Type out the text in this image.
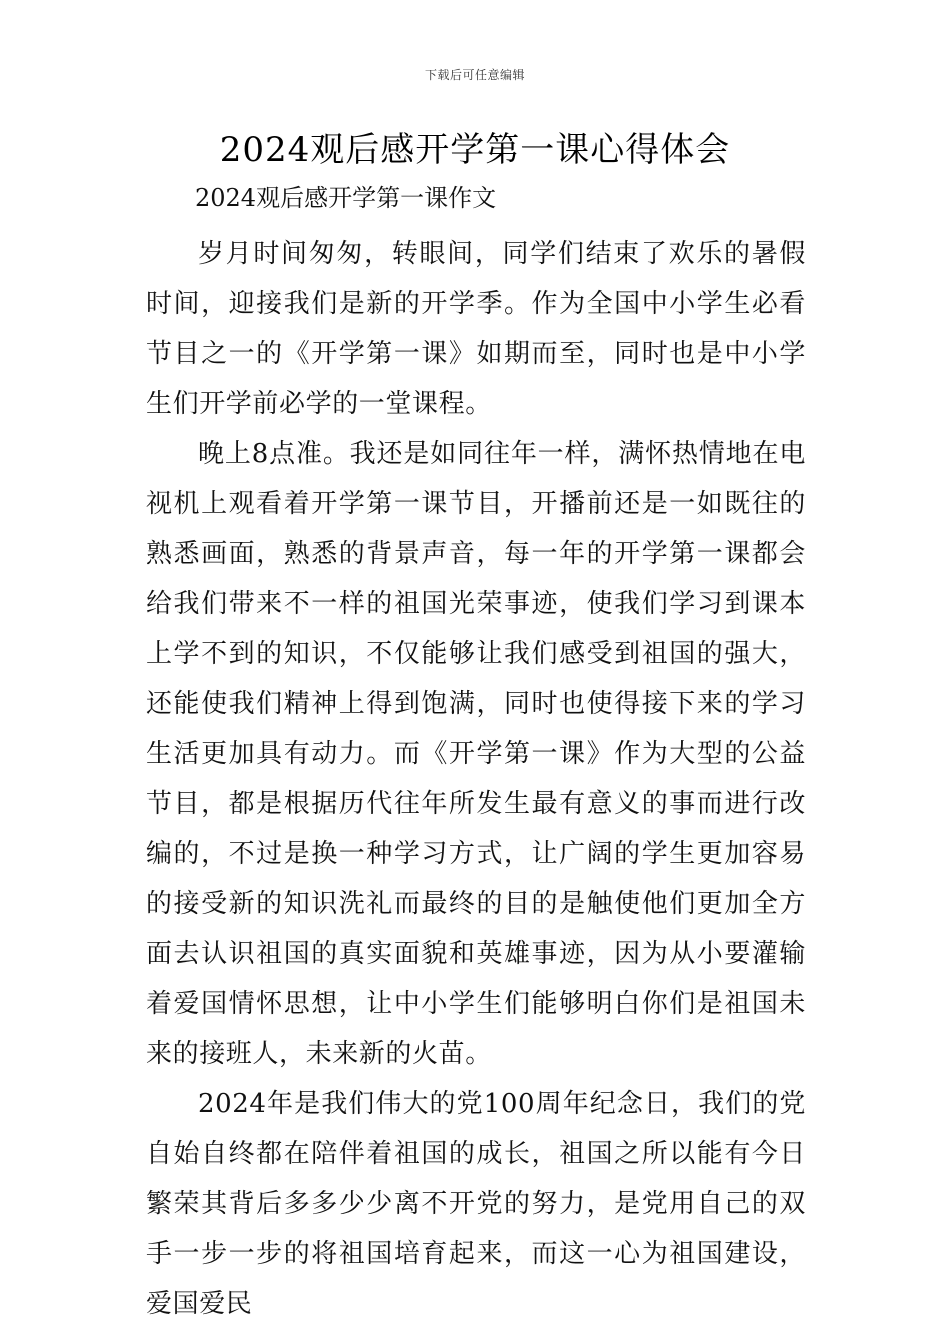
下载后可任意编辑
2024观后感开学第一课心得体会

2024观后感开学第一课作文

岁月时间匆匆，转眼间，同学们结束了欢乐的暑假时间，迎接我们是新的开学季。作为全国中小学生必看节目之一的《开学第一课》如期而至，同时也是中小学生们开学前必学的一堂课程。

晚上8点准。我还是如同往年一样，满怀热情地在电视机上观看着开学第一课节目，开播前还是一如既往的熟悉画面，熟悉的背景声音，每一年的开学第一课都会给我们带来不一样的祖国光荣事迹，使我们学习到课本上学不到的知识，不仅能够让我们感受到祖国的强大，还能使我们精神上得到饱满，同时也使得接下来的学习生活更加具有动力。而《开学第一课》作为大型的公益节目，都是根据历代往年所发生最有意义的事而进行改编的，不过是换一种学习方式，让广阔的学生更加容易的接受新的知识洗礼而最终的目的是触使他们更加全方面去认识祖国的真实面貌和英雄事迹，因为从小要灌输着爱国情怀思想，让中小学生们能够明白你们是祖国未来的接班人，未来新的火苗。

2024年是我们伟大的党100周年纪念日，我们的党自始自终都在陪伴着祖国的成长，祖国之所以能有今日繁荣其背后多多少少离不开党的努力，是党用自己的双手一步一步的将祖国培育起来，而这一心为祖国建设，爱国爱民
